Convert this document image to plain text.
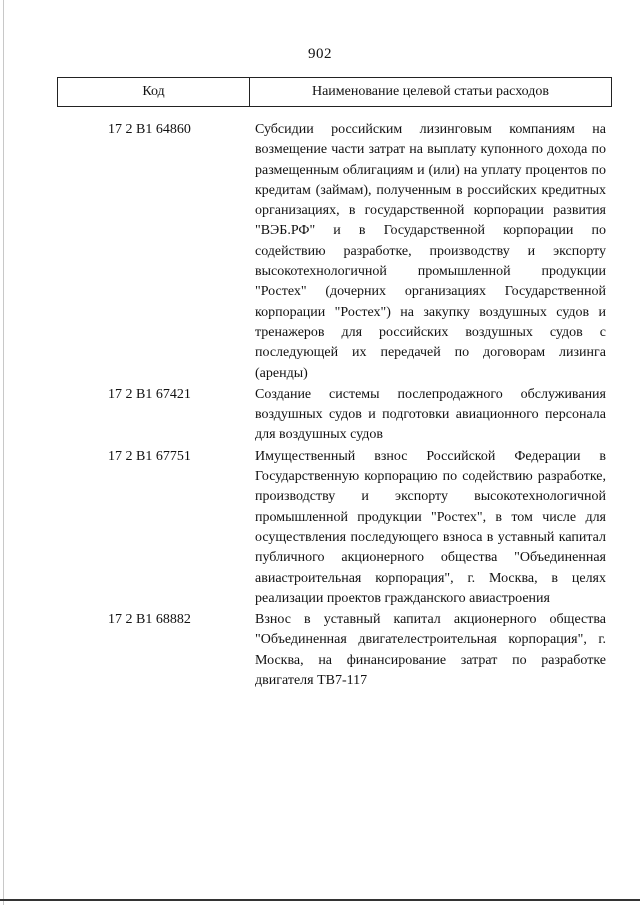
902
Код	Наименование целевой статьи расходов
17 2 В1 64860	Субсидии российским лизинговым компаниям на возмещение части затрат на выплату купонного дохода по размещенным облигациям и (или) на уплату процентов по кредитам (займам), полученным в российских кредитных организациях, в государственной корпорации развития "ВЭБ.РФ" и в Государственной корпорации по содействию разработке, производству и экспорту высокотехнологичной промышленной продукции "Ростех" (дочерних организациях Государственной корпорации "Ростех") на закупку воздушных судов и тренажеров для российских воздушных судов с последующей их передачей по договорам лизинга (аренды)
17 2 В1 67421	Создание системы послепродажного обслуживания воздушных судов и подготовки авиационного персонала для воздушных судов
17 2 В1 67751	Имущественный взнос Российской Федерации в Государственную корпорацию по содействию разработке, производству и экспорту высокотехнологичной промышленной продукции "Ростех", в том числе для осуществления последующего взноса в уставный капитал публичного акционерного общества "Объединенная авиастроительная корпорация", г. Москва, в целях реализации проектов гражданского авиастроения
17 2 В1 68882	Взнос в уставный капитал акционерного общества "Объединенная двигателестроительная корпорация", г. Москва, на финансирование затрат по разработке двигателя ТВ7-117
